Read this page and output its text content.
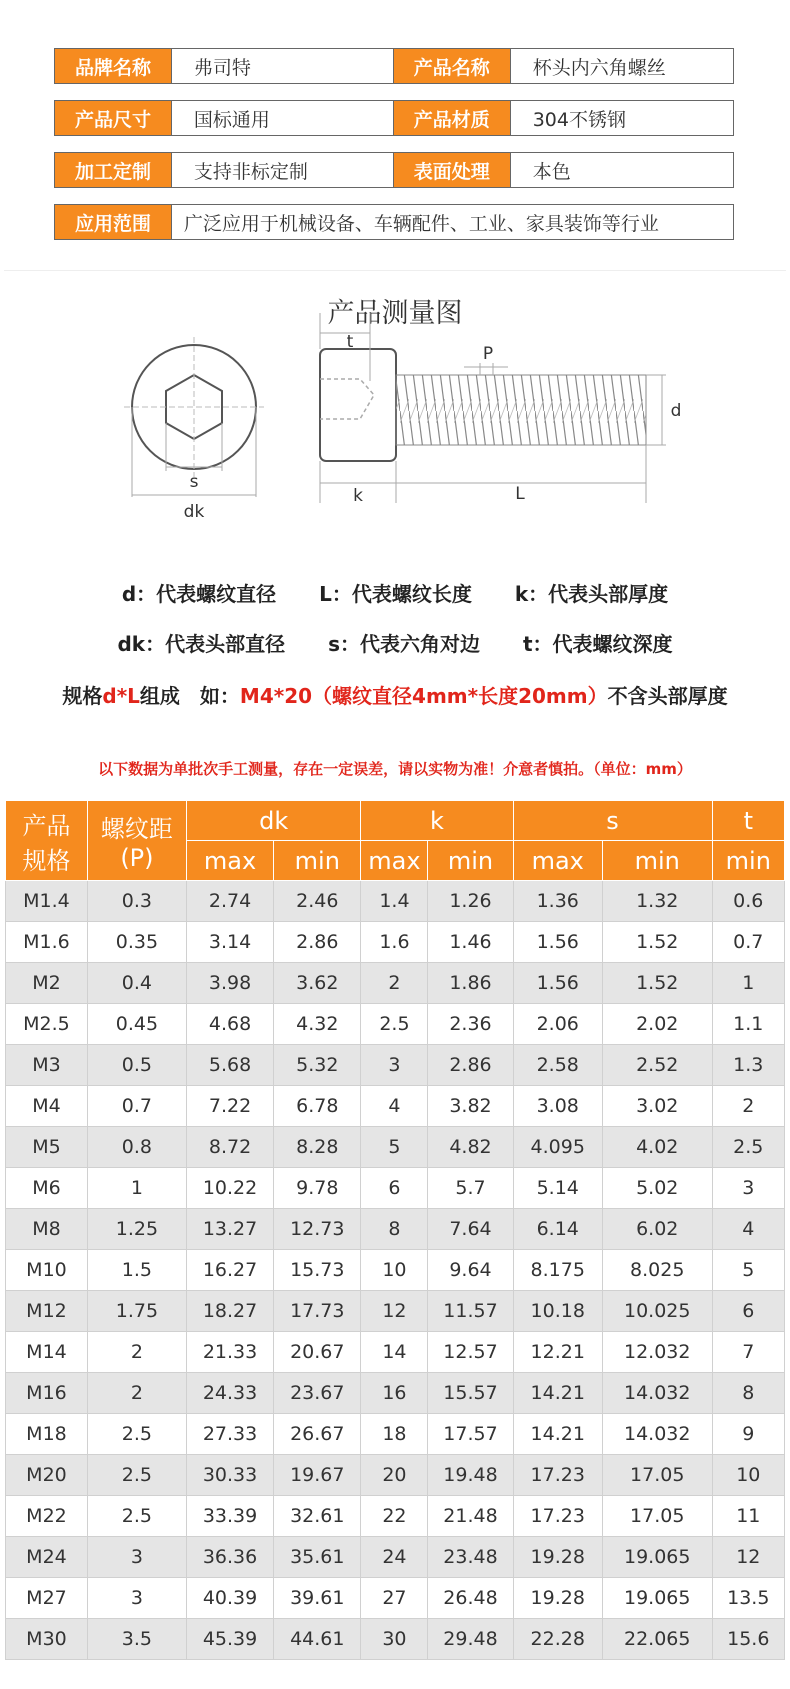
品牌名称	弗司特	产品名称	杯头内六角螺丝

产品尺寸	国标通用	产品材质	304不锈钢

加工定制	支持非标定制	表面处理	本色

应用范围	广泛应用于机械设备、车辆配件、工业、家具装饰等行业		
产品测量图
s
dk
t
P
d
k	L
d：代表螺纹直径 L：代表螺纹长度 k：代表头部厚度
dk：代表头部直径 s：代表六角对边 t：代表螺纹深度
规格d*L组成　如：M4*20（螺纹直径4mm*长度20mm）不含头部厚度
以下数据为单批次手工测量，存在一定误差，请以实物为准！介意者慎拍。（单位：mm）
产品
规格	螺纹距
(P)	dk		k		s		t
		max	min	max	min	max	min	min
M1.4	0.3	2.74	2.46	1.4	1.26	1.36	1.32	0.6
M1.6	0.35	3.14	2.86	1.6	1.46	1.56	1.52	0.7
M2	0.4	3.98	3.62	2	1.86	1.56	1.52	1
M2.5	0.45	4.68	4.32	2.5	2.36	2.06	2.02	1.1
M3	0.5	5.68	5.32	3	2.86	2.58	2.52	1.3
M4	0.7	7.22	6.78	4	3.82	3.08	3.02	2
M5	0.8	8.72	8.28	5	4.82	4.095	4.02	2.5
M6	1	10.22	9.78	6	5.7	5.14	5.02	3
M8	1.25	13.27	12.73	8	7.64	6.14	6.02	4
M10	1.5	16.27	15.73	10	9.64	8.175	8.025	5
M12	1.75	18.27	17.73	12	11.57	10.18	10.025	6
M14	2	21.33	20.67	14	12.57	12.21	12.032	7
M16	2	24.33	23.67	16	15.57	14.21	14.032	8
M18	2.5	27.33	26.67	18	17.57	14.21	14.032	9
M20	2.5	30.33	19.67	20	19.48	17.23	17.05	10
M22	2.5	33.39	32.61	22	21.48	17.23	17.05	11
M24	3	36.36	35.61	24	23.48	19.28	19.065	12
M27	3	40.39	39.61	27	26.48	19.28	19.065	13.5
M30	3.5	45.39	44.61	30	29.48	22.28	22.065	15.6
